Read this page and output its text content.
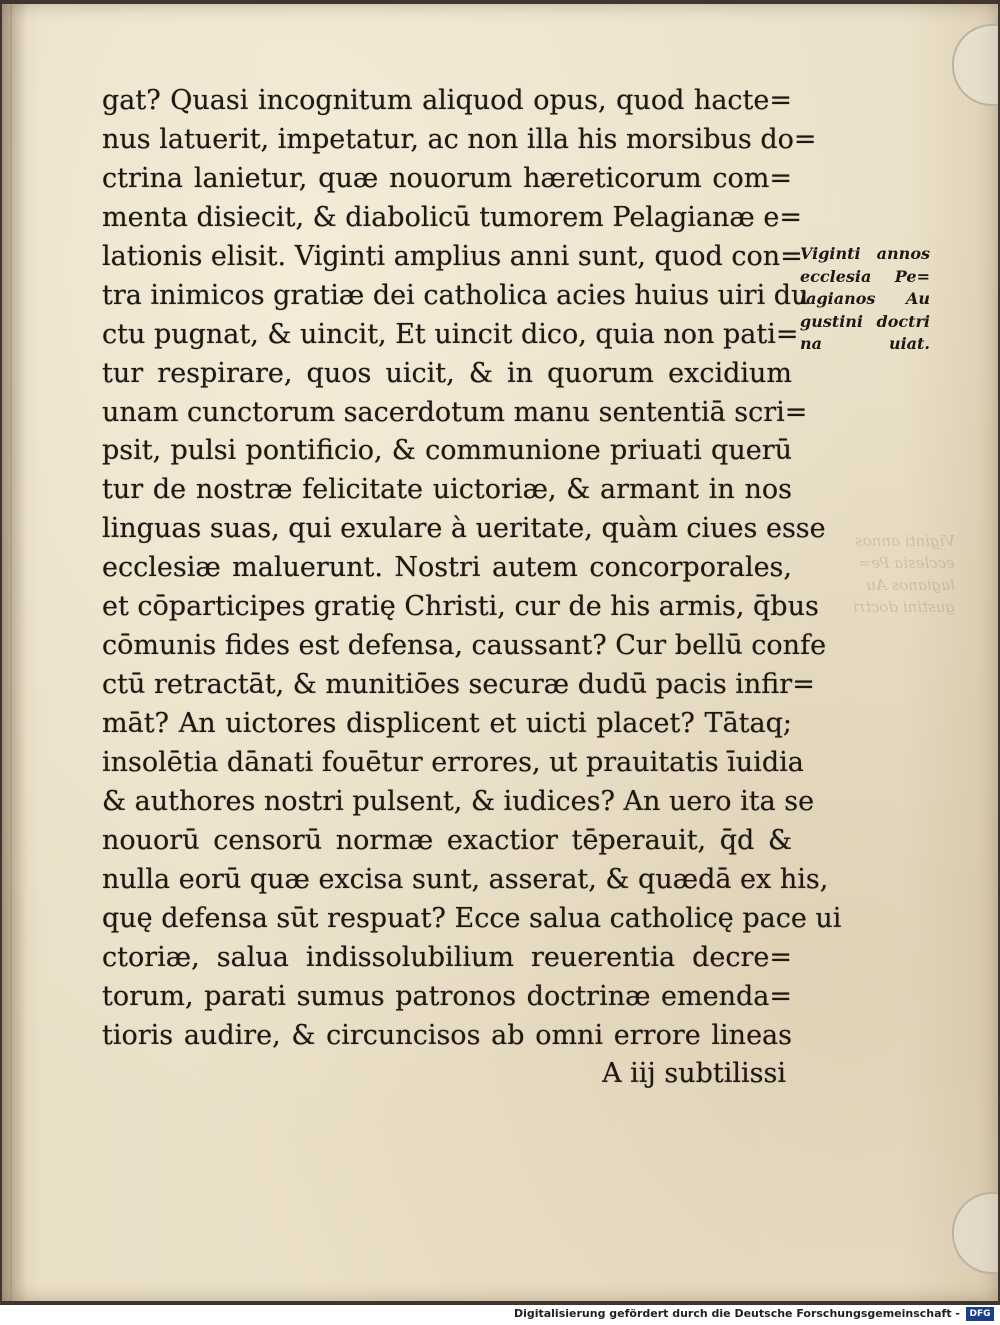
gat? Quasi incognitum aliquod opus, quod hacte=
nus latuerit, impetatur, ac non illa his morsibus do=
ctrina lanietur, quæ nouorum hæreticorum com=
menta disiecit, & diabolicū tumorem Pelagianæ e=
lationis elisit. Viginti amplius anni sunt, quod con=
tra inimicos gratiæ dei catholica acies huius uiri du
ctu pugnat, & uincit, Et uincit dico, quia non pati=
tur respirare, quos uicit, & in quorum excidium
unam cunctorum sacerdotum manu sententiā scri=
psit, pulsi pontificio, & communione priuati querū
tur de nostræ felicitate uictoriæ, & armant in nos
linguas suas, qui exulare à ueritate, quàm ciues esse
ecclesiæ maluerunt. Nostri autem concorporales,
et cōparticipes gratię Christi, cur de his armis, q̄bus
cōmunis fides est defensa, caussant? Cur bellū confe
ctū retractāt, & munitiōes securæ dudū pacis infir=
māt? An uictores displicent et uicti placet? Tātaq;
insolētia dānati fouētur errores, ut prauitatis īuidia
& authores nostri pulsent, & iudices? An uero ita se
nouorū censorū normæ exactior tēperauit, q̄d &
nulla eorū quæ excisa sunt, asserat, & quædā ex his,
quę defensa sūt respuat? Ecce salua catholicę pace ui
ctoriæ, salua indissolubilium reuerentia decre=
torum, parati sumus patronos doctrinæ emenda=
tioris audire, & circuncisos ab omni errore lineas
A iij subtilissi
Viginti annos
ecclesia Pe=
lagianos Au
gustini doctri
na uiat.
Viginti annos
ecclesia Pe=
lagianos Au
gustini doctri
Digitalisierung gefördert durch die Deutsche Forschungsgemeinschaft -	DFG
